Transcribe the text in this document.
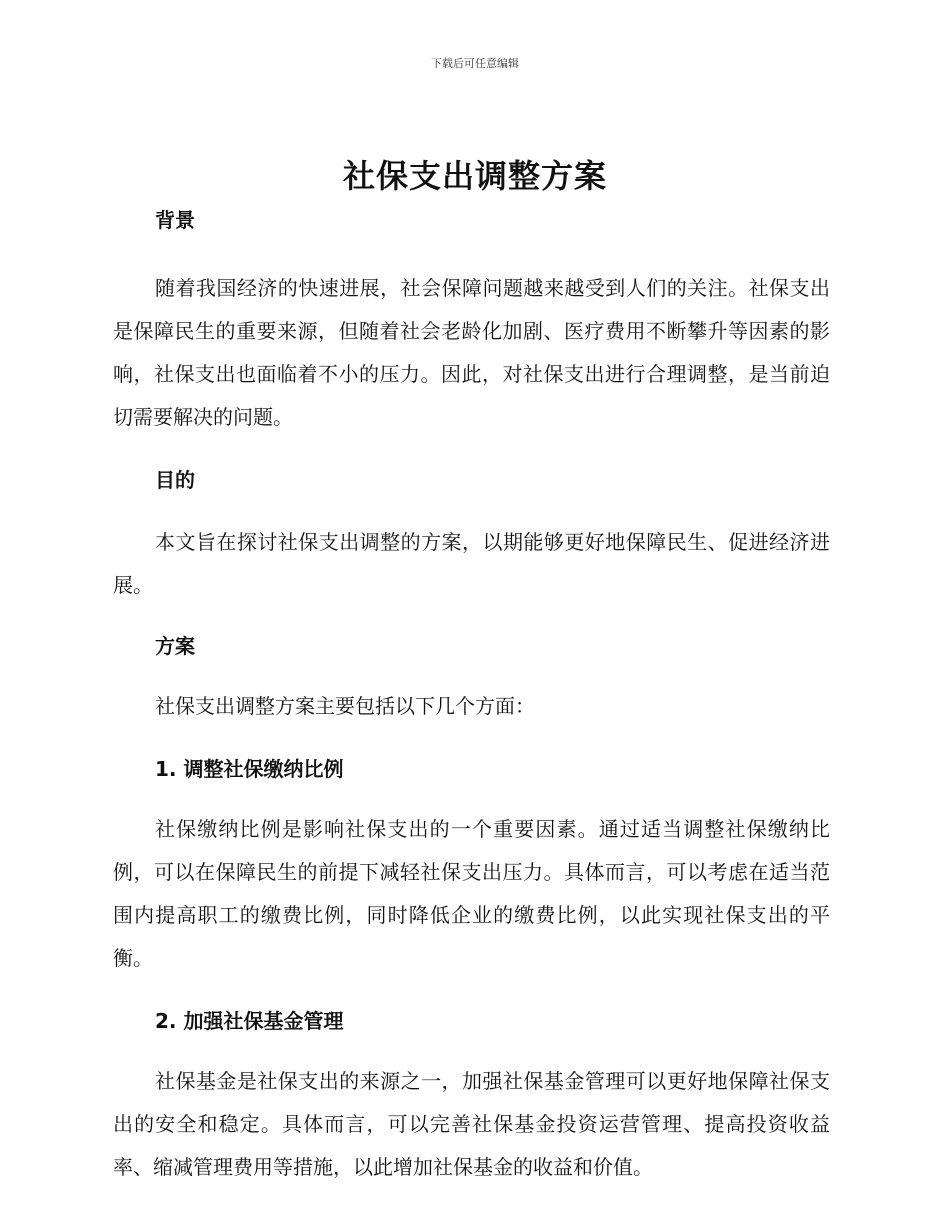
下载后可任意编辑
社保支出调整方案

背景

随着我国经济的快速进展，社会保障问题越来越受到人们的关注。社保支出是保障民生的重要来源，但随着社会老龄化加剧、医疗费用不断攀升等因素的影响，社保支出也面临着不小的压力。因此，对社保支出进行合理调整，是当前迫切需要解决的问题。

目的

本文旨在探讨社保支出调整的方案，以期能够更好地保障民生、促进经济进展。

方案

社保支出调整方案主要包括以下几个方面：

1. 调整社保缴纳比例

社保缴纳比例是影响社保支出的一个重要因素。通过适当调整社保缴纳比例，可以在保障民生的前提下减轻社保支出压力。具体而言，可以考虑在适当范围内提高职工的缴费比例，同时降低企业的缴费比例，以此实现社保支出的平衡。

2. 加强社保基金管理

社保基金是社保支出的来源之一，加强社保基金管理可以更好地保障社保支出的安全和稳定。具体而言，可以完善社保基金投资运营管理、提高投资收益率、缩减管理费用等措施，以此增加社保基金的收益和价值。
